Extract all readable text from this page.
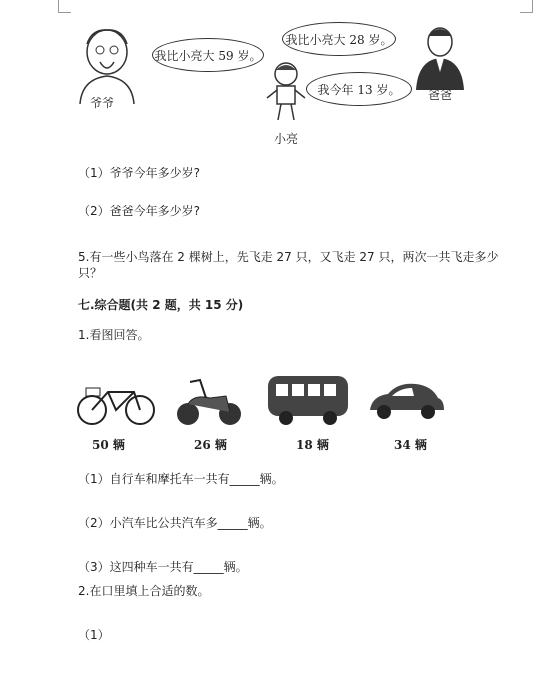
爷爷
我比小亮大 59 岁。
小亮
我今年 13 岁。
我比小亮大 28 岁。
爸爸
（1）爷爷今年多少岁?
（2）爸爸今年多少岁?
5.有一些小鸟落在 2 棵树上，先飞走 27 只，又飞走 27 只，两次一共飞走多少
只？
七.综合题(共 2 题，共 15 分)
1.看图回答。
50 辆	26 辆	18 辆	34 辆
（1）自行车和摩托车一共有_____辆。
（2）小汽车比公共汽车多_____辆。
（3）这四种车一共有_____辆。
2.在口里填上合适的数。
（1）
